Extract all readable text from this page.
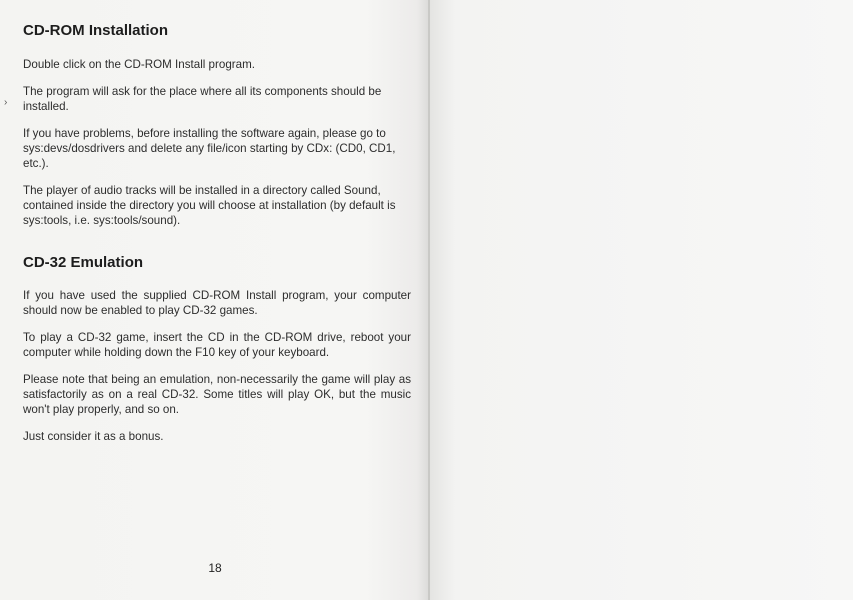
›
CD-ROM Installation

Double click on the CD-ROM Install program.

The program will ask for the place where all its components should be installed.

If you have problems, before installing the software again, please go to sys:devs/dosdrivers and delete any file/icon starting by CDx: (CD0, CD1, etc.).

The player of audio tracks will be installed in a directory called Sound, contained inside the directory you will choose at installation (by default is sys:tools, i.e. sys:tools/sound).

CD-32 Emulation

If you have used the supplied CD-ROM Install program, your computer should now be enabled to play CD-32 games.

To play a CD-32 game, insert the CD in the CD-ROM drive, reboot your computer while holding down the F10 key of your keyboard.

Please note that being an emulation, non-necessarily the game will play as satisfactorily as on a real CD-32. Some titles will play OK, but the music won't play properly, and so on.

Just consider it as a bonus.

18
